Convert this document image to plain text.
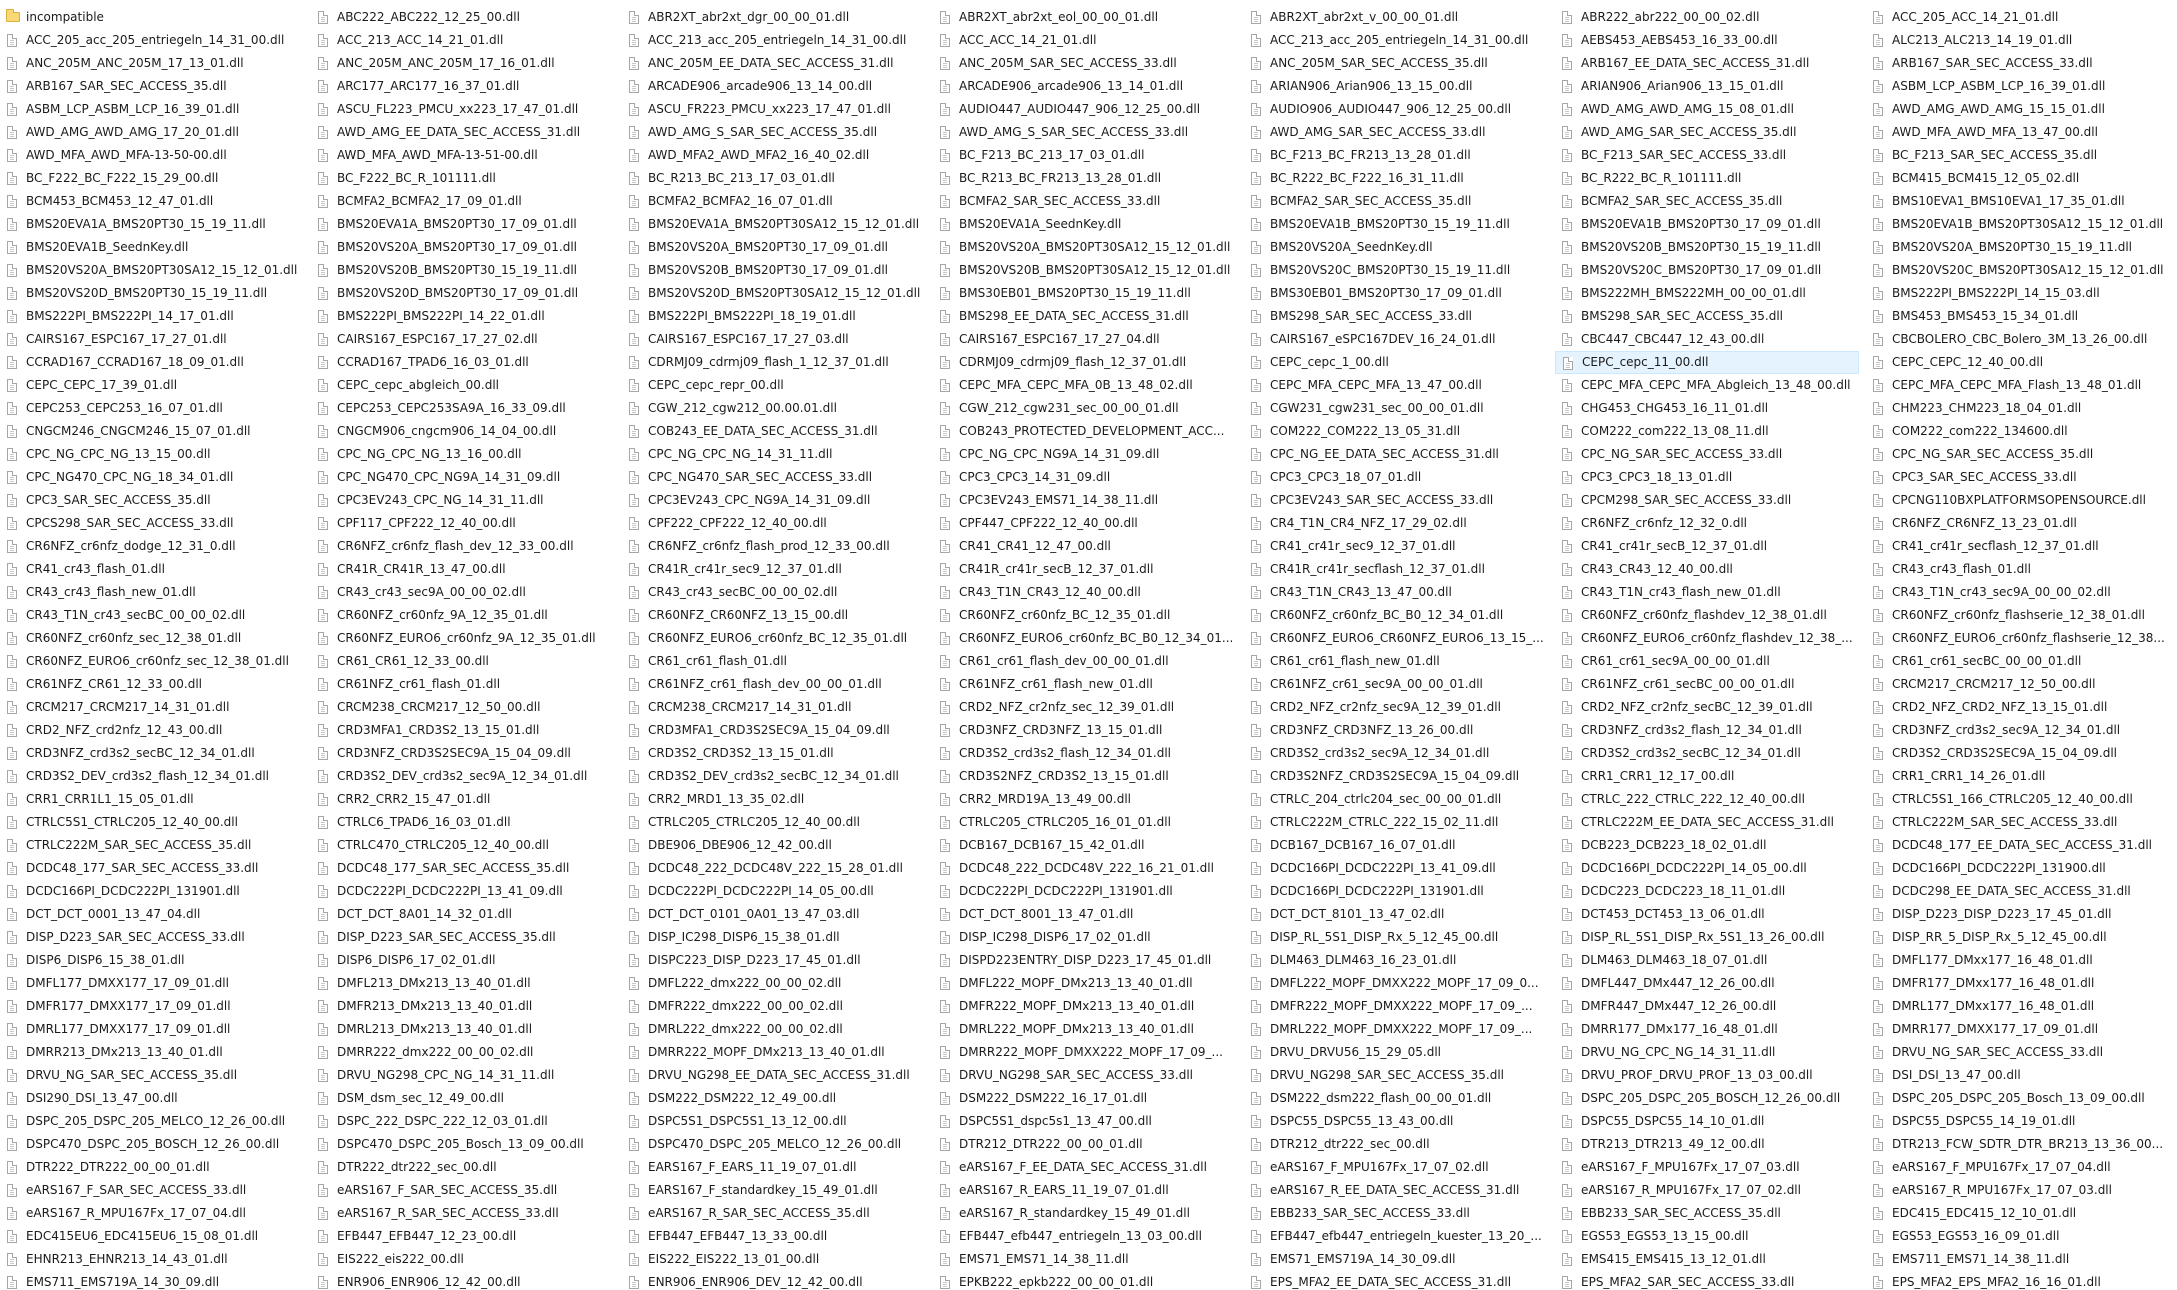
incompatible
ACC_205_acc_205_entriegeln_14_31_00.dll
ANC_205M_ANC_205M_17_13_01.dll
ARB167_SAR_SEC_ACCESS_35.dll
ASBM_LCP_ASBM_LCP_16_39_01.dll
AWD_AMG_AWD_AMG_17_20_01.dll
AWD_MFA_AWD_MFA-13-50-00.dll
BC_F222_BC_F222_15_29_00.dll
BCM453_BCM453_12_47_01.dll
BMS20EVA1A_BMS20PT30_15_19_11.dll
BMS20EVA1B_SeednKey.dll
BMS20VS20A_BMS20PT30SA12_15_12_01.dll
BMS20VS20D_BMS20PT30_15_19_11.dll
BMS222PI_BMS222PI_14_17_01.dll
CAIRS167_ESPC167_17_27_01.dll
CCRAD167_CCRAD167_18_09_01.dll
CEPC_CEPC_17_39_01.dll
CEPC253_CEPC253_16_07_01.dll
CNGCM246_CNGCM246_15_07_01.dll
CPC_NG_CPC_NG_13_15_00.dll
CPC_NG470_CPC_NG_18_34_01.dll
CPC3_SAR_SEC_ACCESS_35.dll
CPCS298_SAR_SEC_ACCESS_33.dll
CR6NFZ_cr6nfz_dodge_12_31_0.dll
CR41_cr43_flash_01.dll
CR43_cr43_flash_new_01.dll
CR43_T1N_cr43_secBC_00_00_02.dll
CR60NFZ_cr60nfz_sec_12_38_01.dll
CR60NFZ_EURO6_cr60nfz_sec_12_38_01.dll
CR61NFZ_CR61_12_33_00.dll
CRCM217_CRCM217_14_31_01.dll
CRD2_NFZ_crd2nfz_12_43_00.dll
CRD3NFZ_crd3s2_secBC_12_34_01.dll
CRD3S2_DEV_crd3s2_flash_12_34_01.dll
CRR1_CRR1L1_15_05_01.dll
CTRLC5S1_CTRLC205_12_40_00.dll
CTRLC222M_SAR_SEC_ACCESS_35.dll
DCDC48_177_SAR_SEC_ACCESS_33.dll
DCDC166PI_DCDC222PI_131901.dll
DCT_DCT_0001_13_47_04.dll
DISP_D223_SAR_SEC_ACCESS_33.dll
DISP6_DISP6_15_38_01.dll
DMFL177_DMXX177_17_09_01.dll
DMFR177_DMXX177_17_09_01.dll
DMRL177_DMXX177_17_09_01.dll
DMRR213_DMx213_13_40_01.dll
DRVU_NG_SAR_SEC_ACCESS_35.dll
DSI290_DSI_13_47_00.dll
DSPC_205_DSPC_205_MELCO_12_26_00.dll
DSPC470_DSPC_205_BOSCH_12_26_00.dll
DTR222_DTR222_00_00_01.dll
eARS167_F_SAR_SEC_ACCESS_33.dll
eARS167_R_MPU167Fx_17_07_04.dll
EDC415EU6_EDC415EU6_15_08_01.dll
EHNR213_EHNR213_14_43_01.dll
EMS711_EMS719A_14_30_09.dll
ABC222_ABC222_12_25_00.dll
ACC_213_ACC_14_21_01.dll
ANC_205M_ANC_205M_17_16_01.dll
ARC177_ARC177_16_37_01.dll
ASCU_FL223_PMCU_xx223_17_47_01.dll
AWD_AMG_EE_DATA_SEC_ACCESS_31.dll
AWD_MFA_AWD_MFA-13-51-00.dll
BC_F222_BC_R_101111.dll
BCMFA2_BCMFA2_17_09_01.dll
BMS20EVA1A_BMS20PT30_17_09_01.dll
BMS20VS20A_BMS20PT30_17_09_01.dll
BMS20VS20B_BMS20PT30_15_19_11.dll
BMS20VS20D_BMS20PT30_17_09_01.dll
BMS222PI_BMS222PI_14_22_01.dll
CAIRS167_ESPC167_17_27_02.dll
CCRAD167_TPAD6_16_03_01.dll
CEPC_cepc_abgleich_00.dll
CEPC253_CEPC253SA9A_16_33_09.dll
CNGCM906_cngcm906_14_04_00.dll
CPC_NG_CPC_NG_13_16_00.dll
CPC_NG470_CPC_NG9A_14_31_09.dll
CPC3EV243_CPC_NG_14_31_11.dll
CPF117_CPF222_12_40_00.dll
CR6NFZ_cr6nfz_flash_dev_12_33_00.dll
CR41R_CR41R_13_47_00.dll
CR43_cr43_sec9A_00_00_02.dll
CR60NFZ_cr60nfz_9A_12_35_01.dll
CR60NFZ_EURO6_cr60nfz_9A_12_35_01.dll
CR61_CR61_12_33_00.dll
CR61NFZ_cr61_flash_01.dll
CRCM238_CRCM217_12_50_00.dll
CRD3MFA1_CRD3S2_13_15_01.dll
CRD3NFZ_CRD3S2SEC9A_15_04_09.dll
CRD3S2_DEV_crd3s2_sec9A_12_34_01.dll
CRR2_CRR2_15_47_01.dll
CTRLC6_TPAD6_16_03_01.dll
CTRLC470_CTRLC205_12_40_00.dll
DCDC48_177_SAR_SEC_ACCESS_35.dll
DCDC222PI_DCDC222PI_13_41_09.dll
DCT_DCT_8A01_14_32_01.dll
DISP_D223_SAR_SEC_ACCESS_35.dll
DISP6_DISP6_17_02_01.dll
DMFL213_DMx213_13_40_01.dll
DMFR213_DMx213_13_40_01.dll
DMRL213_DMx213_13_40_01.dll
DMRR222_dmx222_00_00_02.dll
DRVU_NG298_CPC_NG_14_31_11.dll
DSM_dsm_sec_12_49_00.dll
DSPC_222_DSPC_222_12_03_01.dll
DSPC470_DSPC_205_Bosch_13_09_00.dll
DTR222_dtr222_sec_00.dll
eARS167_F_SAR_SEC_ACCESS_35.dll
eARS167_R_SAR_SEC_ACCESS_33.dll
EFB447_EFB447_12_23_00.dll
EIS222_eis222_00.dll
ENR906_ENR906_12_42_00.dll
ABR2XT_abr2xt_dgr_00_00_01.dll
ACC_213_acc_205_entriegeln_14_31_00.dll
ANC_205M_EE_DATA_SEC_ACCESS_31.dll
ARCADE906_arcade906_13_14_00.dll
ASCU_FR223_PMCU_xx223_17_47_01.dll
AWD_AMG_S_SAR_SEC_ACCESS_35.dll
AWD_MFA2_AWD_MFA2_16_40_02.dll
BC_R213_BC_213_17_03_01.dll
BCMFA2_BCMFA2_16_07_01.dll
BMS20EVA1A_BMS20PT30SA12_15_12_01.dll
BMS20VS20A_BMS20PT30_17_09_01.dll
BMS20VS20B_BMS20PT30_17_09_01.dll
BMS20VS20D_BMS20PT30SA12_15_12_01.dll
BMS222PI_BMS222PI_18_19_01.dll
CAIRS167_ESPC167_17_27_03.dll
CDRMJ09_cdrmj09_flash_1_12_37_01.dll
CEPC_cepc_repr_00.dll
CGW_212_cgw212_00.00.01.dll
COB243_EE_DATA_SEC_ACCESS_31.dll
CPC_NG_CPC_NG_14_31_11.dll
CPC_NG470_SAR_SEC_ACCESS_33.dll
CPC3EV243_CPC_NG9A_14_31_09.dll
CPF222_CPF222_12_40_00.dll
CR6NFZ_cr6nfz_flash_prod_12_33_00.dll
CR41R_cr41r_sec9_12_37_01.dll
CR43_cr43_secBC_00_00_02.dll
CR60NFZ_CR60NFZ_13_15_00.dll
CR60NFZ_EURO6_cr60nfz_BC_12_35_01.dll
CR61_cr61_flash_01.dll
CR61NFZ_cr61_flash_dev_00_00_01.dll
CRCM238_CRCM217_14_31_01.dll
CRD3MFA1_CRD3S2SEC9A_15_04_09.dll
CRD3S2_CRD3S2_13_15_01.dll
CRD3S2_DEV_crd3s2_secBC_12_34_01.dll
CRR2_MRD1_13_35_02.dll
CTRLC205_CTRLC205_12_40_00.dll
DBE906_DBE906_12_42_00.dll
DCDC48_222_DCDC48V_222_15_28_01.dll
DCDC222PI_DCDC222PI_14_05_00.dll
DCT_DCT_0101_0A01_13_47_03.dll
DISP_IC298_DISP6_15_38_01.dll
DISPC223_DISP_D223_17_45_01.dll
DMFL222_dmx222_00_00_02.dll
DMFR222_dmx222_00_00_02.dll
DMRL222_dmx222_00_00_02.dll
DMRR222_MOPF_DMx213_13_40_01.dll
DRVU_NG298_EE_DATA_SEC_ACCESS_31.dll
DSM222_DSM222_12_49_00.dll
DSPC5S1_DSPC5S1_13_12_00.dll
DSPC470_DSPC_205_MELCO_12_26_00.dll
EARS167_F_EARS_11_19_07_01.dll
EARS167_F_standardkey_15_49_01.dll
eARS167_R_SAR_SEC_ACCESS_35.dll
EFB447_EFB447_13_33_00.dll
EIS222_EIS222_13_01_00.dll
ENR906_ENR906_DEV_12_42_00.dll
ABR2XT_abr2xt_eol_00_00_01.dll
ACC_ACC_14_21_01.dll
ANC_205M_SAR_SEC_ACCESS_33.dll
ARCADE906_arcade906_13_14_01.dll
AUDIO447_AUDIO447_906_12_25_00.dll
AWD_AMG_S_SAR_SEC_ACCESS_33.dll
BC_F213_BC_213_17_03_01.dll
BC_R213_BC_FR213_13_28_01.dll
BCMFA2_SAR_SEC_ACCESS_33.dll
BMS20EVA1A_SeednKey.dll
BMS20VS20A_BMS20PT30SA12_15_12_01.dll
BMS20VS20B_BMS20PT30SA12_15_12_01.dll
BMS30EB01_BMS20PT30_15_19_11.dll
BMS298_EE_DATA_SEC_ACCESS_31.dll
CAIRS167_ESPC167_17_27_04.dll
CDRMJ09_cdrmj09_flash_12_37_01.dll
CEPC_MFA_CEPC_MFA_0B_13_48_02.dll
CGW_212_cgw231_sec_00_00_01.dll
COB243_PROTECTED_DEVELOPMENT_ACC...
CPC_NG_CPC_NG9A_14_31_09.dll
CPC3_CPC3_14_31_09.dll
CPC3EV243_EMS71_14_38_11.dll
CPF447_CPF222_12_40_00.dll
CR41_CR41_12_47_00.dll
CR41R_cr41r_secB_12_37_01.dll
CR43_T1N_CR43_12_40_00.dll
CR60NFZ_cr60nfz_BC_12_35_01.dll
CR60NFZ_EURO6_cr60nfz_BC_B0_12_34_01...
CR61_cr61_flash_dev_00_00_01.dll
CR61NFZ_cr61_flash_new_01.dll
CRD2_NFZ_cr2nfz_sec_12_39_01.dll
CRD3NFZ_CRD3NFZ_13_15_01.dll
CRD3S2_crd3s2_flash_12_34_01.dll
CRD3S2NFZ_CRD3S2_13_15_01.dll
CRR2_MRD19A_13_49_00.dll
CTRLC205_CTRLC205_16_01_01.dll
DCB167_DCB167_15_42_01.dll
DCDC48_222_DCDC48V_222_16_21_01.dll
DCDC222PI_DCDC222PI_131901.dll
DCT_DCT_8001_13_47_01.dll
DISP_IC298_DISP6_17_02_01.dll
DISPD223ENTRY_DISP_D223_17_45_01.dll
DMFL222_MOPF_DMx213_13_40_01.dll
DMFR222_MOPF_DMx213_13_40_01.dll
DMRL222_MOPF_DMx213_13_40_01.dll
DMRR222_MOPF_DMXX222_MOPF_17_09_...
DRVU_NG298_SAR_SEC_ACCESS_33.dll
DSM222_DSM222_16_17_01.dll
DSPC5S1_dspc5s1_13_47_00.dll
DTR212_DTR222_00_00_01.dll
eARS167_F_EE_DATA_SEC_ACCESS_31.dll
eARS167_R_EARS_11_19_07_01.dll
eARS167_R_standardkey_15_49_01.dll
EFB447_efb447_entriegeln_13_03_00.dll
EMS71_EMS71_14_38_11.dll
EPKB222_epkb222_00_00_01.dll
ABR2XT_abr2xt_v_00_00_01.dll
ACC_213_acc_205_entriegeln_14_31_00.dll
ANC_205M_SAR_SEC_ACCESS_35.dll
ARIAN906_Arian906_13_15_00.dll
AUDIO906_AUDIO447_906_12_25_00.dll
AWD_AMG_SAR_SEC_ACCESS_33.dll
BC_F213_BC_FR213_13_28_01.dll
BC_R222_BC_F222_16_31_11.dll
BCMFA2_SAR_SEC_ACCESS_35.dll
BMS20EVA1B_BMS20PT30_15_19_11.dll
BMS20VS20A_SeednKey.dll
BMS20VS20C_BMS20PT30_15_19_11.dll
BMS30EB01_BMS20PT30_17_09_01.dll
BMS298_SAR_SEC_ACCESS_33.dll
CAIRS167_eSPC167DEV_16_24_01.dll
CEPC_cepc_1_00.dll
CEPC_MFA_CEPC_MFA_13_47_00.dll
CGW231_cgw231_sec_00_00_01.dll
COM222_COM222_13_05_31.dll
CPC_NG_EE_DATA_SEC_ACCESS_31.dll
CPC3_CPC3_18_07_01.dll
CPC3EV243_SAR_SEC_ACCESS_33.dll
CR4_T1N_CR4_NFZ_17_29_02.dll
CR41_cr41r_sec9_12_37_01.dll
CR41R_cr41r_secflash_12_37_01.dll
CR43_T1N_CR43_13_47_00.dll
CR60NFZ_cr60nfz_BC_B0_12_34_01.dll
CR60NFZ_EURO6_CR60NFZ_EURO6_13_15_...
CR61_cr61_flash_new_01.dll
CR61NFZ_cr61_sec9A_00_00_01.dll
CRD2_NFZ_cr2nfz_sec9A_12_39_01.dll
CRD3NFZ_CRD3NFZ_13_26_00.dll
CRD3S2_crd3s2_sec9A_12_34_01.dll
CRD3S2NFZ_CRD3S2SEC9A_15_04_09.dll
CTRLC_204_ctrlc204_sec_00_00_01.dll
CTRLC222M_CTRLC_222_15_02_11.dll
DCB167_DCB167_16_07_01.dll
DCDC166PI_DCDC222PI_13_41_09.dll
DCDC166PI_DCDC222PI_131901.dll
DCT_DCT_8101_13_47_02.dll
DISP_RL_5S1_DISP_Rx_5_12_45_00.dll
DLM463_DLM463_16_23_01.dll
DMFL222_MOPF_DMXX222_MOPF_17_09_0...
DMFR222_MOPF_DMXX222_MOPF_17_09_...
DMRL222_MOPF_DMXX222_MOPF_17_09_...
DRVU_DRVU56_15_29_05.dll
DRVU_NG298_SAR_SEC_ACCESS_35.dll
DSM222_dsm222_flash_00_00_01.dll
DSPC55_DSPC55_13_43_00.dll
DTR212_dtr222_sec_00.dll
eARS167_F_MPU167Fx_17_07_02.dll
eARS167_R_EE_DATA_SEC_ACCESS_31.dll
EBB233_SAR_SEC_ACCESS_33.dll
EFB447_efb447_entriegeln_kuester_13_20_...
EMS71_EMS719A_14_30_09.dll
EPS_MFA2_EE_DATA_SEC_ACCESS_31.dll
ABR222_abr222_00_00_02.dll
AEBS453_AEBS453_16_33_00.dll
ARB167_EE_DATA_SEC_ACCESS_31.dll
ARIAN906_Arian906_13_15_01.dll
AWD_AMG_AWD_AMG_15_08_01.dll
AWD_AMG_SAR_SEC_ACCESS_35.dll
BC_F213_SAR_SEC_ACCESS_33.dll
BC_R222_BC_R_101111.dll
BCMFA2_SAR_SEC_ACCESS_35.dll
BMS20EVA1B_BMS20PT30_17_09_01.dll
BMS20VS20B_BMS20PT30_15_19_11.dll
BMS20VS20C_BMS20PT30_17_09_01.dll
BMS222MH_BMS222MH_00_00_01.dll
BMS298_SAR_SEC_ACCESS_35.dll
CBC447_CBC447_12_43_00.dll
CEPC_cepc_11_00.dll
CEPC_MFA_CEPC_MFA_Abgleich_13_48_00.dll
CHG453_CHG453_16_11_01.dll
COM222_com222_13_08_11.dll
CPC_NG_SAR_SEC_ACCESS_33.dll
CPC3_CPC3_18_13_01.dll
CPCM298_SAR_SEC_ACCESS_33.dll
CR6NFZ_cr6nfz_12_32_0.dll
CR41_cr41r_secB_12_37_01.dll
CR43_CR43_12_40_00.dll
CR43_T1N_cr43_flash_new_01.dll
CR60NFZ_cr60nfz_flashdev_12_38_01.dll
CR60NFZ_EURO6_cr60nfz_flashdev_12_38_...
CR61_cr61_sec9A_00_00_01.dll
CR61NFZ_cr61_secBC_00_00_01.dll
CRD2_NFZ_cr2nfz_secBC_12_39_01.dll
CRD3NFZ_crd3s2_flash_12_34_01.dll
CRD3S2_crd3s2_secBC_12_34_01.dll
CRR1_CRR1_12_17_00.dll
CTRLC_222_CTRLC_222_12_40_00.dll
CTRLC222M_EE_DATA_SEC_ACCESS_31.dll
DCB223_DCB223_18_02_01.dll
DCDC166PI_DCDC222PI_14_05_00.dll
DCDC223_DCDC223_18_11_01.dll
DCT453_DCT453_13_06_01.dll
DISP_RL_5S1_DISP_Rx_5S1_13_26_00.dll
DLM463_DLM463_18_07_01.dll
DMFL447_DMx447_12_26_00.dll
DMFR447_DMx447_12_26_00.dll
DMRR177_DMx177_16_48_01.dll
DRVU_NG_CPC_NG_14_31_11.dll
DRVU_PROF_DRVU_PROF_13_03_00.dll
DSPC_205_DSPC_205_BOSCH_12_26_00.dll
DSPC55_DSPC55_14_10_01.dll
DTR213_DTR213_49_12_00.dll
eARS167_F_MPU167Fx_17_07_03.dll
eARS167_R_MPU167Fx_17_07_02.dll
EBB233_SAR_SEC_ACCESS_35.dll
EGS53_EGS53_13_15_00.dll
EMS415_EMS415_13_12_01.dll
EPS_MFA2_SAR_SEC_ACCESS_33.dll
ACC_205_ACC_14_21_01.dll
ALC213_ALC213_14_19_01.dll
ARB167_SAR_SEC_ACCESS_33.dll
ASBM_LCP_ASBM_LCP_16_39_01.dll
AWD_AMG_AWD_AMG_15_15_01.dll
AWD_MFA_AWD_MFA_13_47_00.dll
BC_F213_SAR_SEC_ACCESS_35.dll
BCM415_BCM415_12_05_02.dll
BMS10EVA1_BMS10EVA1_17_35_01.dll
BMS20EVA1B_BMS20PT30SA12_15_12_01.dll
BMS20VS20A_BMS20PT30_15_19_11.dll
BMS20VS20C_BMS20PT30SA12_15_12_01.dll
BMS222PI_BMS222PI_14_15_03.dll
BMS453_BMS453_15_34_01.dll
CBCBOLERO_CBC_Bolero_3M_13_26_00.dll
CEPC_CEPC_12_40_00.dll
CEPC_MFA_CEPC_MFA_Flash_13_48_01.dll
CHM223_CHM223_18_04_01.dll
COM222_com222_134600.dll
CPC_NG_SAR_SEC_ACCESS_35.dll
CPC3_SAR_SEC_ACCESS_33.dll
CPCNG110BXPLATFORMSOPENSOURCE.dll
CR6NFZ_CR6NFZ_13_23_01.dll
CR41_cr41r_secflash_12_37_01.dll
CR43_cr43_flash_01.dll
CR43_T1N_cr43_sec9A_00_00_02.dll
CR60NFZ_cr60nfz_flashserie_12_38_01.dll
CR60NFZ_EURO6_cr60nfz_flashserie_12_38...
CR61_cr61_secBC_00_00_01.dll
CRCM217_CRCM217_12_50_00.dll
CRD2_NFZ_CRD2_NFZ_13_15_01.dll
CRD3NFZ_crd3s2_sec9A_12_34_01.dll
CRD3S2_CRD3S2SEC9A_15_04_09.dll
CRR1_CRR1_14_26_01.dll
CTRLC5S1_166_CTRLC205_12_40_00.dll
CTRLC222M_SAR_SEC_ACCESS_33.dll
DCDC48_177_EE_DATA_SEC_ACCESS_31.dll
DCDC166PI_DCDC222PI_131900.dll
DCDC298_EE_DATA_SEC_ACCESS_31.dll
DISP_D223_DISP_D223_17_45_01.dll
DISP_RR_5_DISP_Rx_5_12_45_00.dll
DMFL177_DMxx177_16_48_01.dll
DMFR177_DMxx177_16_48_01.dll
DMRL177_DMxx177_16_48_01.dll
DMRR177_DMXX177_17_09_01.dll
DRVU_NG_SAR_SEC_ACCESS_33.dll
DSI_DSI_13_47_00.dll
DSPC_205_DSPC_205_Bosch_13_09_00.dll
DSPC55_DSPC55_14_19_01.dll
DTR213_FCW_SDTR_DTR_BR213_13_36_00...
eARS167_F_MPU167Fx_17_07_04.dll
eARS167_R_MPU167Fx_17_07_03.dll
EDC415_EDC415_12_10_01.dll
EGS53_EGS53_16_09_01.dll
EMS711_EMS71_14_38_11.dll
EPS_MFA2_EPS_MFA2_16_16_01.dll
